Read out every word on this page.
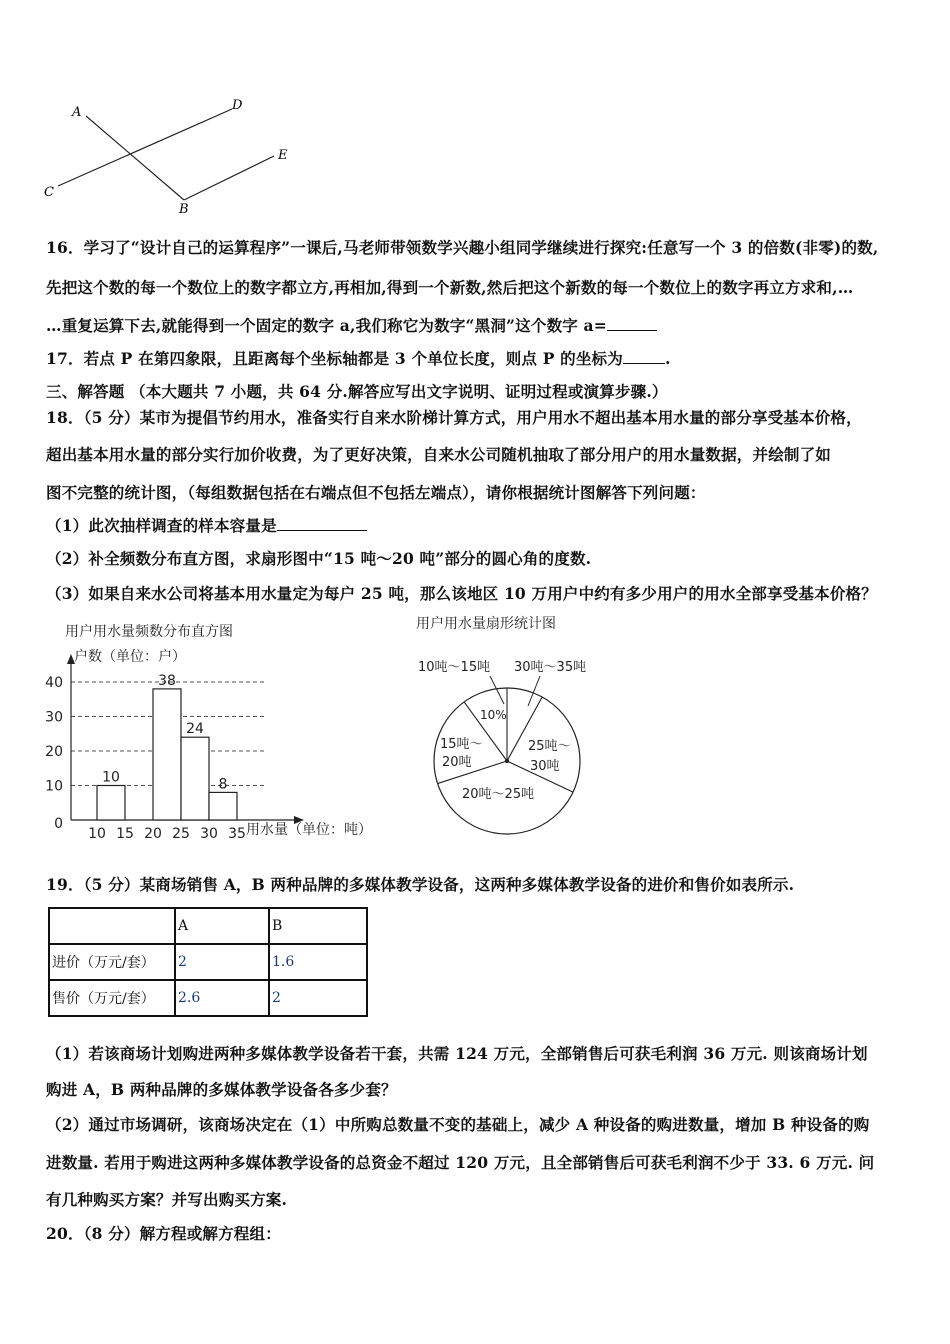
A	D
E
C
B
16．学习了“设计自己的运算程序”一课后,马老师带领数学兴趣小组同学继续进行探究:任意写一个 3 的倍数(非零)的数,
先把这个数的每一个数位上的数字都立方,再相加,得到一个新数,然后把这个新数的每一个数位上的数字再立方求和,…
…重复运算下去,就能得到一个固定的数字 a,我们称它为数字“黑洞”这个数字 a=
17．若点 P 在第四象限，且距离每个坐标轴都是 3 个单位长度，则点 P 的坐标为	.
三、解答题 （本大题共 7 小题，共 64 分.解答应写出文字说明、证明过程或演算步骤.）
18．（5 分）某市为提倡节约用水，准备实行自来水阶梯计算方式，用户用水不超出基本用水量的部分享受基本价格，
超出基本用水量的部分实行加价收费，为了更好决策，自来水公司随机抽取了部分用户的用水量数据，并绘制了如
图不完整的统计图，（每组数据包括在右端点但不包括左端点），请你根据统计图解答下列问题：
（1）此次抽样调查的样本容量是
（2）补全频数分布直方图，求扇形图中“15 吨～20 吨”部分的圆心角的度数.
（3）如果自来水公司将基本用水量定为每户 25 吨，那么该地区 10 万用户中约有多少用户的用水全部享受基本价格？
用户用水量频数分布直方图
户数（单位：户）
用水量（单位：吨）
0
10
20
30
40
10 15 20 25 30 35
10
38
24
8
用户用水量扇形统计图
10吨～15吨 30吨～35吨
10%
15吨～
20吨
20吨～25吨
25吨～
30吨
19．（5 分）某商场销售 A，B 两种品牌的多媒体教学设备，这两种多媒体教学设备的进价和售价如表所示.
	A	B
进价（万元/套）	2	1.6
售价（万元/套）	2.6	2
（1）若该商场计划购进两种多媒体教学设备若干套，共需 124 万元，全部销售后可获毛利润 36 万元. 则该商场计划
购进 A，B 两种品牌的多媒体教学设备各多少套？
（2）通过市场调研，该商场决定在（1）中所购总数量不变的基础上，减少 A 种设备的购进数量，增加 B 种设备的购
进数量. 若用于购进这两种多媒体教学设备的总资金不超过 120 万元，且全部销售后可获毛利润不少于 33. 6 万元. 问
有几种购买方案？并写出购买方案.
20．（8 分）解方程或解方程组：
